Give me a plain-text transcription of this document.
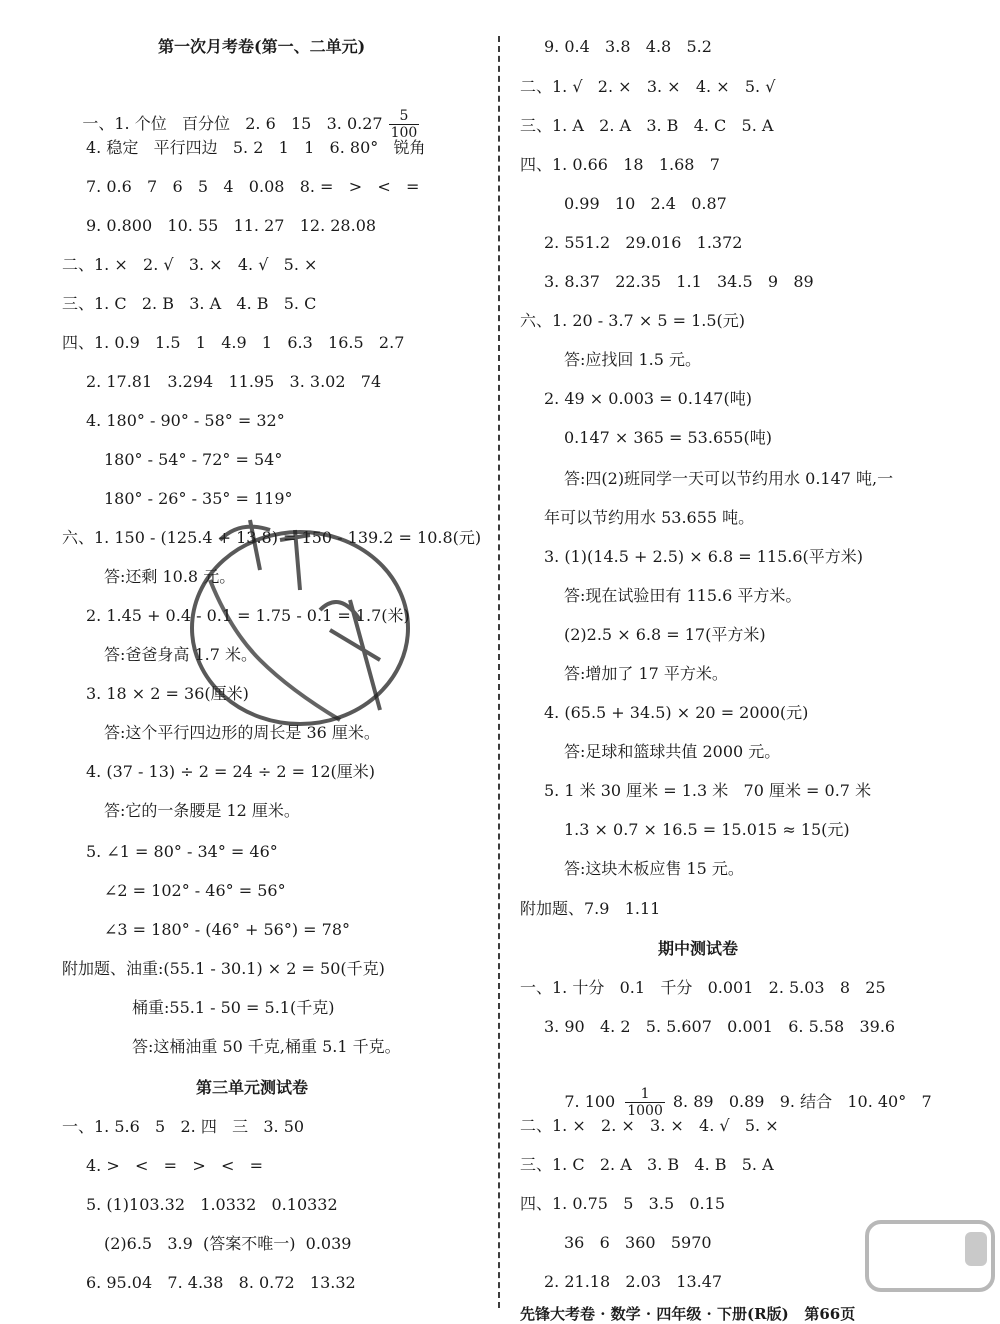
第一次月考卷(第一、二单元)

一、1. 个位   百分位   2. 6   15   3. $0.27 \frac{5}{100}$

4. 稳定   平行四边   5. 2   1   1   6. 80°   锐角
7. 0.6   7   6   5   4   0.08   8. =   >   <   =
9. 0.800   10. 55   11. 27   12. 28.08
二、1. ×   2. √   3. ×   4. √   5. ×
三、1. C   2. B   3. A   4. B   5. C
四、1. 0.9   1.5   1   4.9   1   6.3   16.5   2.7
2. 17.81   3.294   11.95   3. 3.02   74
4. 180° - 90° - 58° = 32°
180° - 54° - 72° = 54°
180° - 26° - 35° = 119°
六、1. 150 - (125.4 + 13.8) = 150 - 139.2 = 10.8(元)
答:还剩 10.8 元。
2. 1.45 + 0.4 - 0.1 = 1.75 - 0.1 = 1.7(米)
答:爸爸身高 1.7 米。
3. 18 × 2 = 36(厘米)
答:这个平行四边形的周长是 36 厘米。
4. (37 - 13) ÷ 2 = 24 ÷ 2 = 12(厘米)
答:它的一条腰是 12 厘米。
5. ∠1 = 80° - 34° = 46°
∠2 = 102° - 46° = 56°
∠3 = 180° - (46° + 56°) = 78°
附加题、油重:(55.1 - 30.1) × 2 = 50(千克)
桶重:55.1 - 50 = 5.1(千克)
答:这桶油重 50 千克,桶重 5.1 千克。
第三单元测试卷
一、1. 5.6   5   2. 四   三   3. 50
4. >   <   =   >   <   =
5. (1)103.32   1.0332   0.10332
(2)6.5   3.9  (答案不唯一)  0.039
6. 95.04   7. 4.38   8. 0.72   13.32
9. 0.4   3.8   4.8   5.2
二、1. √   2. ×   3. ×   4. ×   5. √
三、1. A   2. A   3. B   4. C   5. A
四、1. 0.66   18   1.68   7
0.99   10   2.4   0.87
2. 551.2   29.016   1.372
3. 8.37   22.35   1.1   34.5   9   89
六、1. 20 - 3.7 × 5 = 1.5(元)
答:应找回 1.5 元。
2. 49 × 0.003 = 0.147(吨)
0.147 × 365 = 53.655(吨)
答:四(2)班同学一天可以节约用水 0.147 吨,一
年可以节约用水 53.655 吨。
3. (1)(14.5 + 2.5) × 6.8 = 115.6(平方米)
答:现在试验田有 115.6 平方米。
(2)2.5 × 6.8 = 17(平方米)
答:增加了 17 平方米。
4. (65.5 + 34.5) × 20 = 2000(元)
答:足球和篮球共值 2000 元。
5. 1 米 30 厘米 = 1.3 米   70 厘米 = 0.7 米
1.3 × 0.7 × 16.5 = 15.015 ≈ 15(元)
答:这块木板应售 15 元。
附加题、7.9   1.11
期中测试卷
一、1. 十分   0.1   千分   0.001   2. 5.03   8   25
3. 90   4. 2   5. 5.607   0.001   6. 5.58   39.6

7. $100 \frac{1}{1000} 8$. 89   0.89   9. 结合   10. 40°   7

二、1. ×   2. ×   3. ×   4. √   5. ×
三、1. C   2. A   3. B   4. B   5. A
四、1. 0.75   5   3.5   0.15
36   6   360   5970
2. 21.18   2.03   13.47
先锋大考卷 · 数学 · 四年级 · 下册(R版)   第66页
